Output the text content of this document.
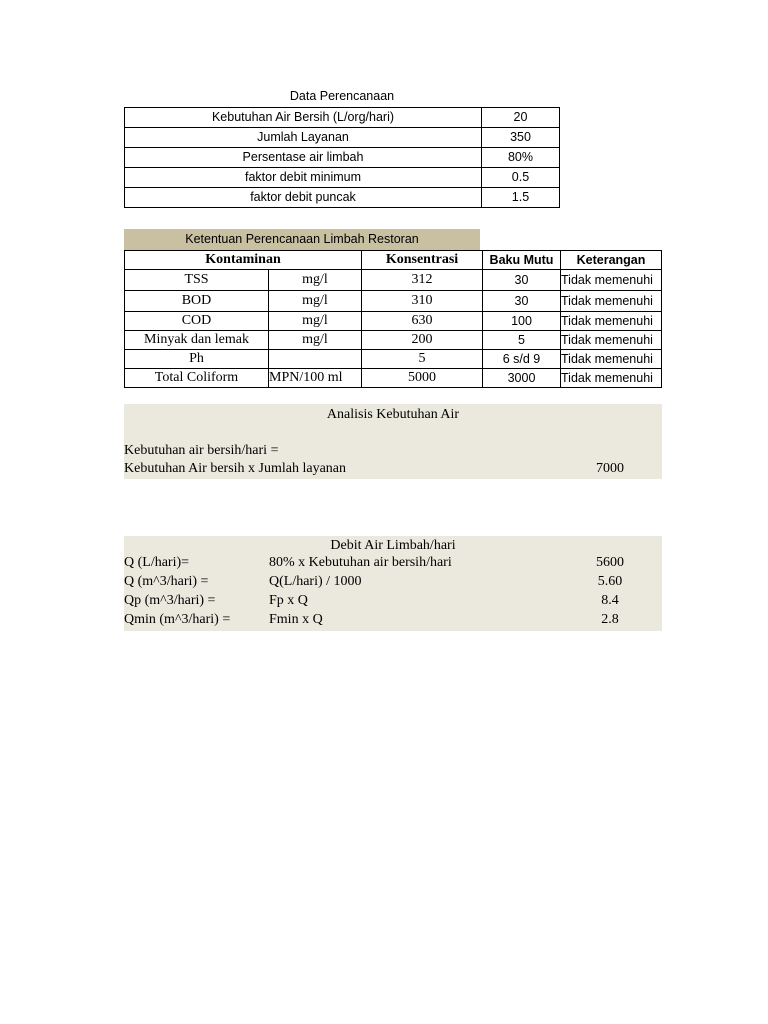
Data Perencanaan
Kebutuhan Air Bersih (L/org/hari)	20
Jumlah Layanan	350
Persentase air limbah	80%
faktor debit minimum	0.5
faktor debit puncak	1.5
Ketentuan Perencanaan Limbah Restoran
Kontaminan		Konsentrasi	Baku Mutu	Keterangan
TSS	mg/l	312	30	Tidak memenuhi
BOD	mg/l	310	30	Tidak memenuhi
COD	mg/l	630	100	Tidak memenuhi
Minyak dan lemak	mg/l	200	5	Tidak memenuhi
Ph		5	6 s/d 9	Tidak memenuhi
Total Coliform	MPN/100 ml	5000	3000	Tidak memenuhi
Analisis Kebutuhan Air
Kebutuhan air bersih/hari =
Kebutuhan Air bersih x Jumlah layanan	7000
Debit Air Limbah/hari
Q (L/hari)=	80% x Kebutuhan air bersih/hari	5600
Q (m^3/hari) =	Q(L/hari) / 1000	5.60
Qp (m^3/hari) =	Fp x Q	8.4
Qmin (m^3/hari) =	Fmin x Q	2.8
